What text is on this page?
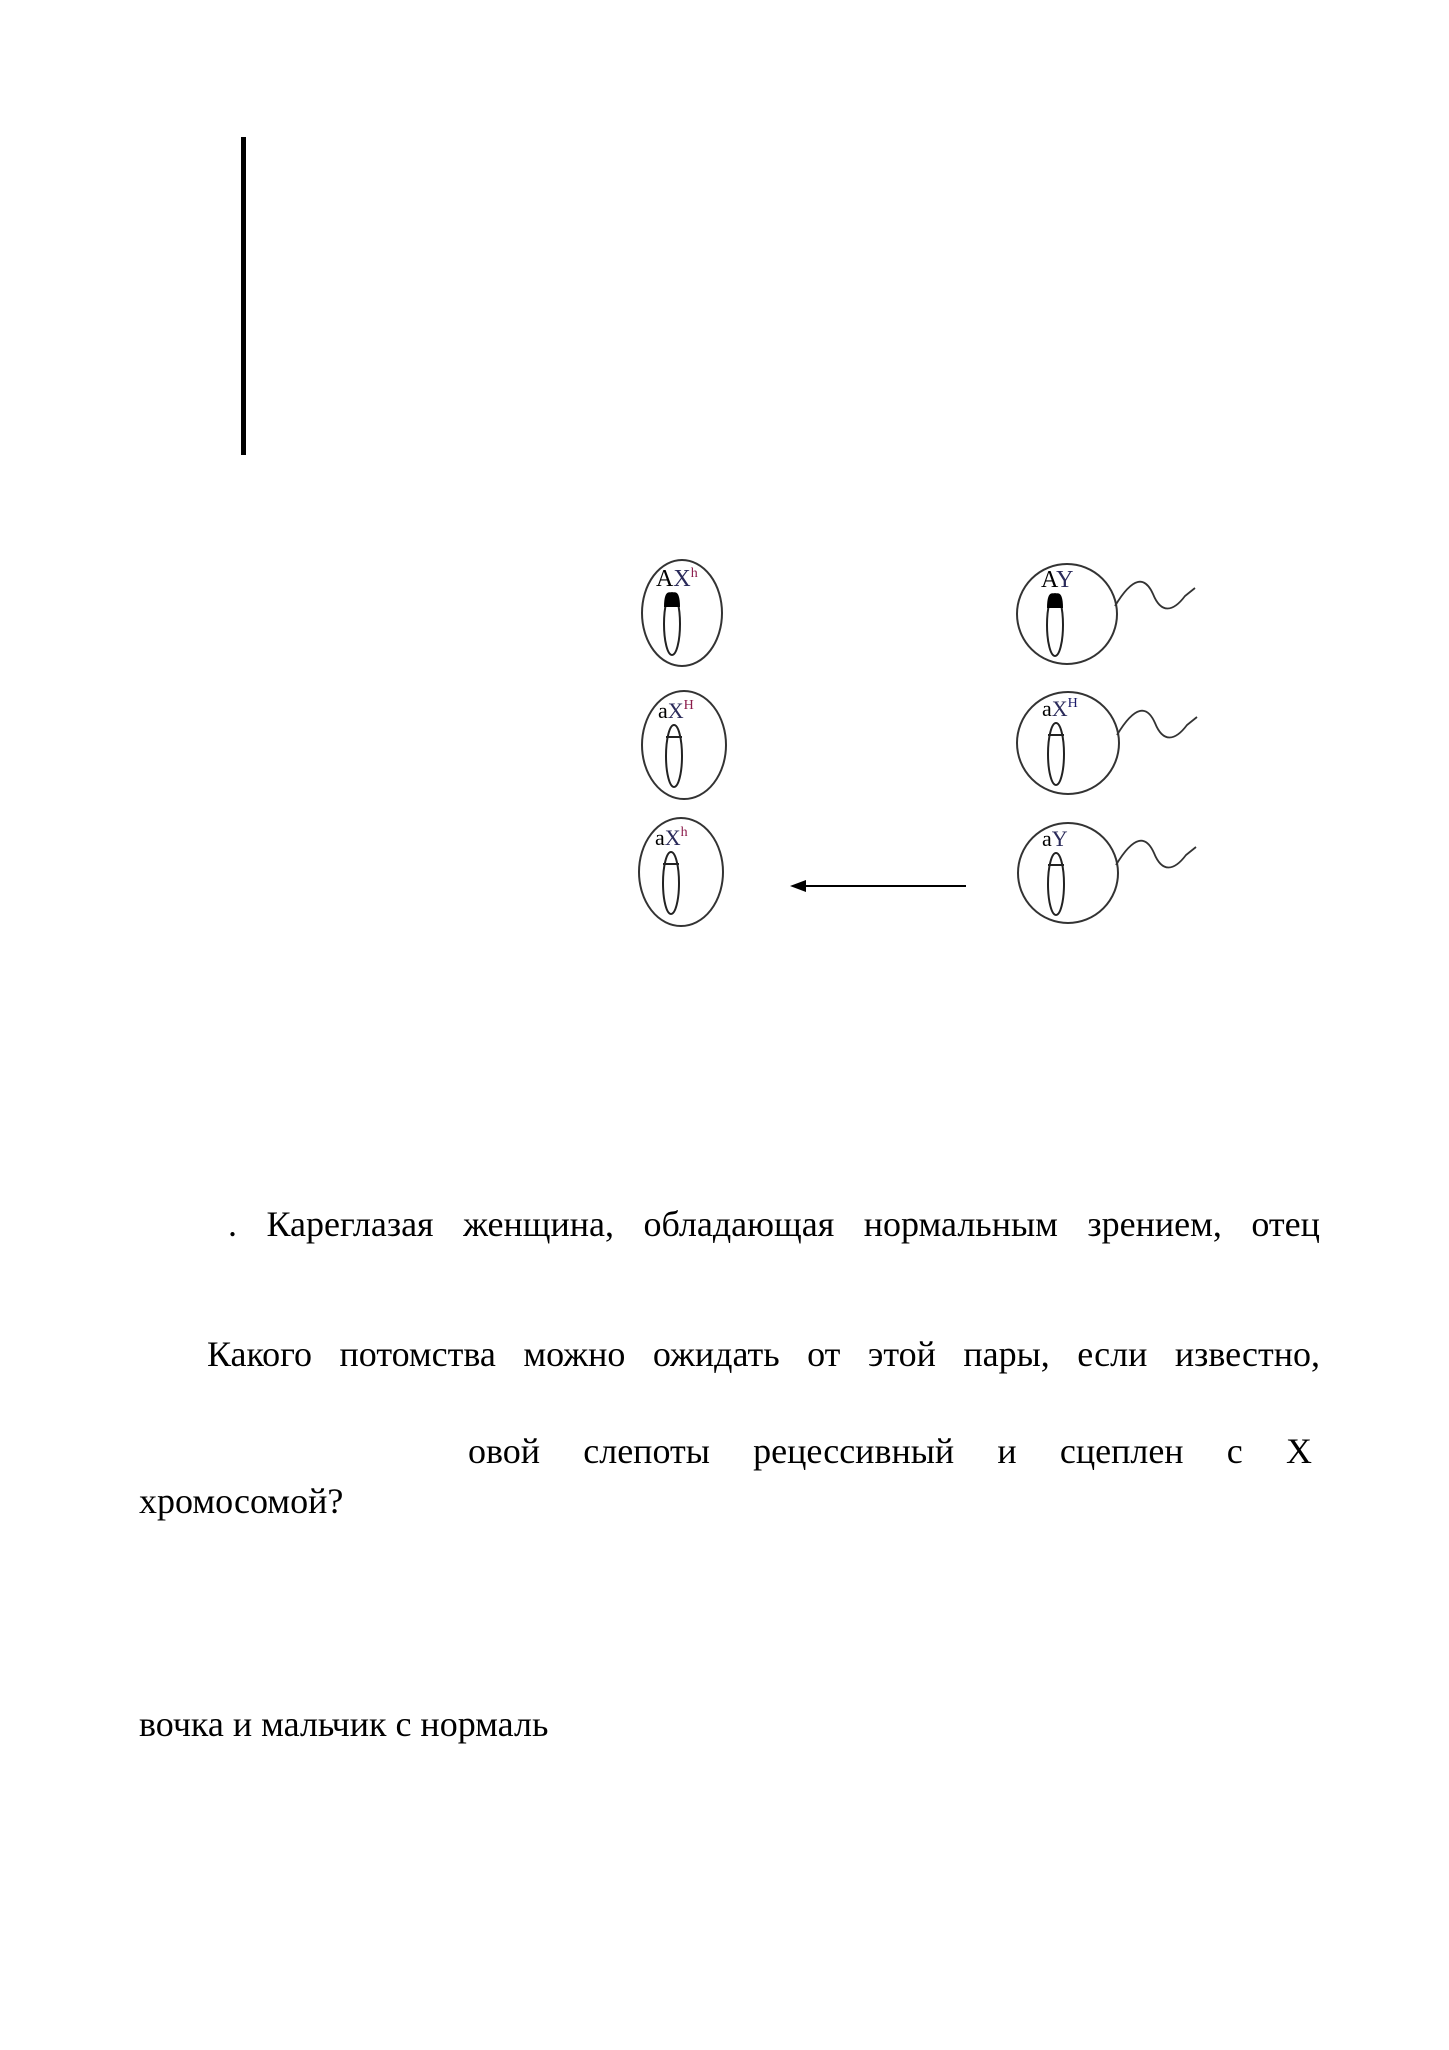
$AX^h$	AY
$aX^H$	$aX^H$
$aX^h$	aY
. Кареглазая женщина, обладающая нормальным зрением, отец
Какого потомства можно ожидать от этой пары, если известно,
овой слепоты рецессивный и сцеплен с X
хромосомой?
вочка и мальчик с нормаль
